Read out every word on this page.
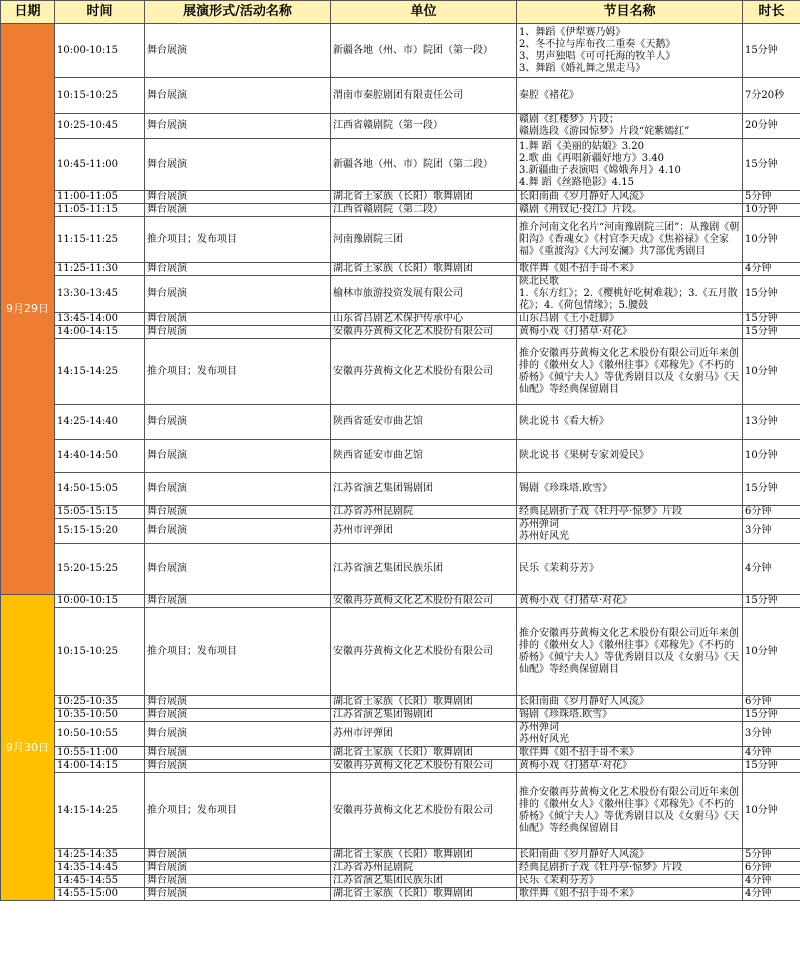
日期	时间	展演形式/活动名称	单位	节目名称	时长
9月29日	10:00-10:15	舞台展演	新疆各地（州、市）院团（第一段）	1、舞蹈《伊犁赛乃姆》
2、冬不拉与库布孜二重奏《天鹅》
3、男声独唱《可可托海的牧羊人》
3、舞蹈《婚礼舞之黑走马》	15分钟
	10:15-10:25	舞台展演	渭南市秦腔剧团有限责任公司	秦腔《褚花》	7分20秒
	10:25-10:45	舞台展演	江西省赣剧院（第一段）	赣剧《红楼梦》片段；
赣剧选段《游园惊梦》片段“姹紫嫣红”	20分钟
	10:45-11:00	舞台展演	新疆各地（州、市）院团（第二段）	1.舞 蹈《美丽的姑娘》3.20
2.歌 曲《再唱新疆好地方》3.40
3.新疆曲子表演唱《嫦娥奔月》4.10
4.舞 蹈《丝路艳影》4.15	15分钟
	11:00-11:05	舞台展演	湖北省土家族（长阳）歌舞剧团	长阳南曲《岁月静好人风流》	5分钟
	11:05-11:15	舞台展演	江西省赣剧院（第二段）	赣剧《荆钗记·投江》片段。	10分钟
	11:15-11:25	推介项目；发布项目	河南豫剧院三团	推介河南文化名片“河南豫剧院三团”：从豫剧《朝阳沟》《香魂女》《村官李天成》《焦裕禄》《全家福》《重渡沟》《大河安澜》共7部优秀剧目	10分钟
	11:25-11:30	舞台展演	湖北省土家族（长阳）歌舞剧团	歌伴舞《姐不招手哥不来》	4分钟
	13:30-13:45	舞台展演	榆林市旅游投资发展有限公司	陕北民歌
1.《东方红》；2.《樱桃好吃树难栽》；3.《五月散花》；4.《荷包情缘》；5.腰鼓	15分钟
	13:45-14:00	舞台展演	山东省吕剧艺术保护传承中心	山东吕剧《王小赶脚》	15分钟
	14:00-14:15	舞台展演	安徽再芬黄梅文化艺术股份有限公司	黄梅小戏《打猪草·对花》	15分钟
	14:15-14:25	推介项目；发布项目	安徽再芬黄梅文化艺术股份有限公司	推介安徽再芬黄梅文化艺术股份有限公司近年来创排的《徽州女人》《徽州往事》《邓稼先》《不朽的骄杨》《倾宁夫人》等优秀剧目以及《女驸马》《天仙配》等经典保留剧目	10分钟
	14:25-14:40	舞台展演	陕西省延安市曲艺馆	陕北说书《看大桥》	13分钟
	14:40-14:50	舞台展演	陕西省延安市曲艺馆	陕北说书《果树专家刘爱民》	10分钟
	14:50-15:05	舞台展演	江苏省演艺集团锡剧团	锡剧《珍珠塔.欧雪》	15分钟
	15:05-15:15	舞台展演	江苏省苏州昆剧院	经典昆剧折子戏《牡丹亭·惊梦》片段	6分钟
	15:15-15:20	舞台展演	苏州市评弹团	苏州弹词
苏州好风光	3分钟
	15:20-15:25	舞台展演	江苏省演艺集团民族乐团	民乐《茉莉芬芳》	4分钟
9月30日	10:00-10:15	舞台展演	安徽再芬黄梅文化艺术股份有限公司	黄梅小戏《打猪草·对花》	15分钟
	10:15-10:25	推介项目；发布项目	安徽再芬黄梅文化艺术股份有限公司	推介安徽再芬黄梅文化艺术股份有限公司近年来创排的《徽州女人》《徽州往事》《邓稼先》《不朽的骄杨》《倾宁夫人》等优秀剧目以及《女驸马》《天仙配》等经典保留剧目	10分钟
	10:25-10:35	舞台展演	湖北省土家族（长阳）歌舞剧团	长阳南曲《岁月静好人风流》	6分钟
	10:35-10:50	舞台展演	江苏省演艺集团锡剧团	锡剧《珍珠塔.欧雪》	15分钟
	10:50-10:55	舞台展演	苏州市评弹团	苏州弹词
苏州好风光	3分钟
	10:55-11:00	舞台展演	湖北省土家族（长阳）歌舞剧团	歌伴舞《姐不招手哥不来》	4分钟
	14:00-14:15	舞台展演	安徽再芬黄梅文化艺术股份有限公司	黄梅小戏《打猪草·对花》	15分钟
	14:15-14:25	推介项目；发布项目	安徽再芬黄梅文化艺术股份有限公司	推介安徽再芬黄梅文化艺术股份有限公司近年来创排的《徽州女人》《徽州往事》《邓稼先》《不朽的骄杨》《倾宁夫人》等优秀剧目以及《女驸马》《天仙配》等经典保留剧目	10分钟
	14:25-14:35	舞台展演	湖北省土家族（长阳）歌舞剧团	长阳南曲《岁月静好人风流》	5分钟
	14:35-14:45	舞台展演	江苏省苏州昆剧院	经典昆剧折子戏《牡丹亭·惊梦》片段	6分钟
	14:45-14:55	舞台展演	江苏省演艺集团民族乐团	民乐《茉莉芬芳》	4分钟
	14:55-15:00	舞台展演	湖北省土家族（长阳）歌舞剧团	歌伴舞《姐不招手哥不来》	4分钟
